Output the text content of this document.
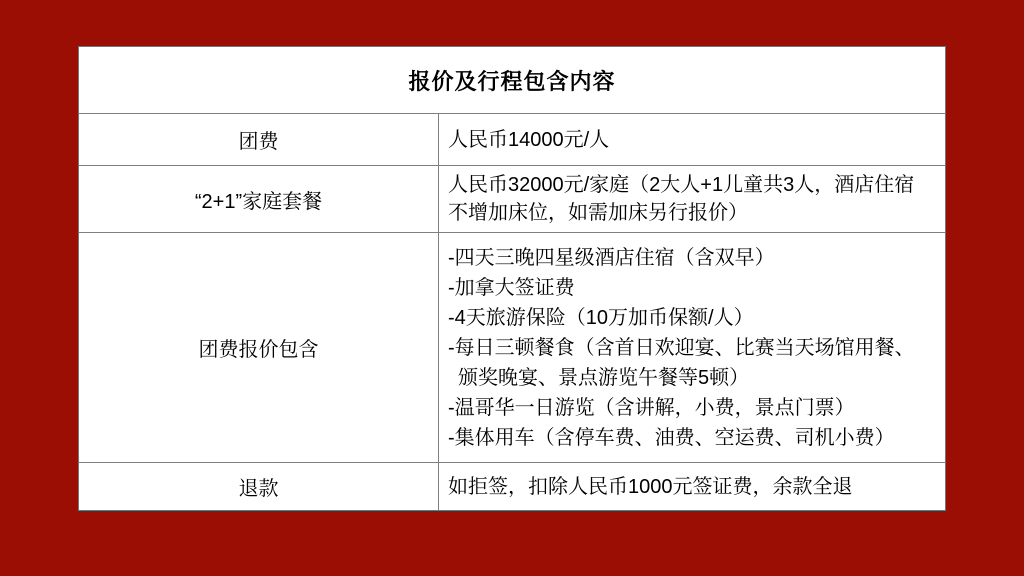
报价及行程包含内容
团费	人民币14000元/人
“2+1”家庭套餐
人民币32000元/家庭（2大人+1儿童共3人，酒店住宿不增加床位，如需加床另行报价）
团费报价包含
-四天三晚四星级酒店住宿（含双早）
-加拿大签证费
-4天旅游保险（10万加币保额/人）
-每日三顿餐食（含首日欢迎宴、比赛当天场馆用餐、颁奖晚宴、景点游览午餐等5顿）
-温哥华一日游览（含讲解，小费，景点门票）
-集体用车（含停车费、油费、空运费、司机小费）
退款	如拒签，扣除人民币1000元签证费，余款全退
